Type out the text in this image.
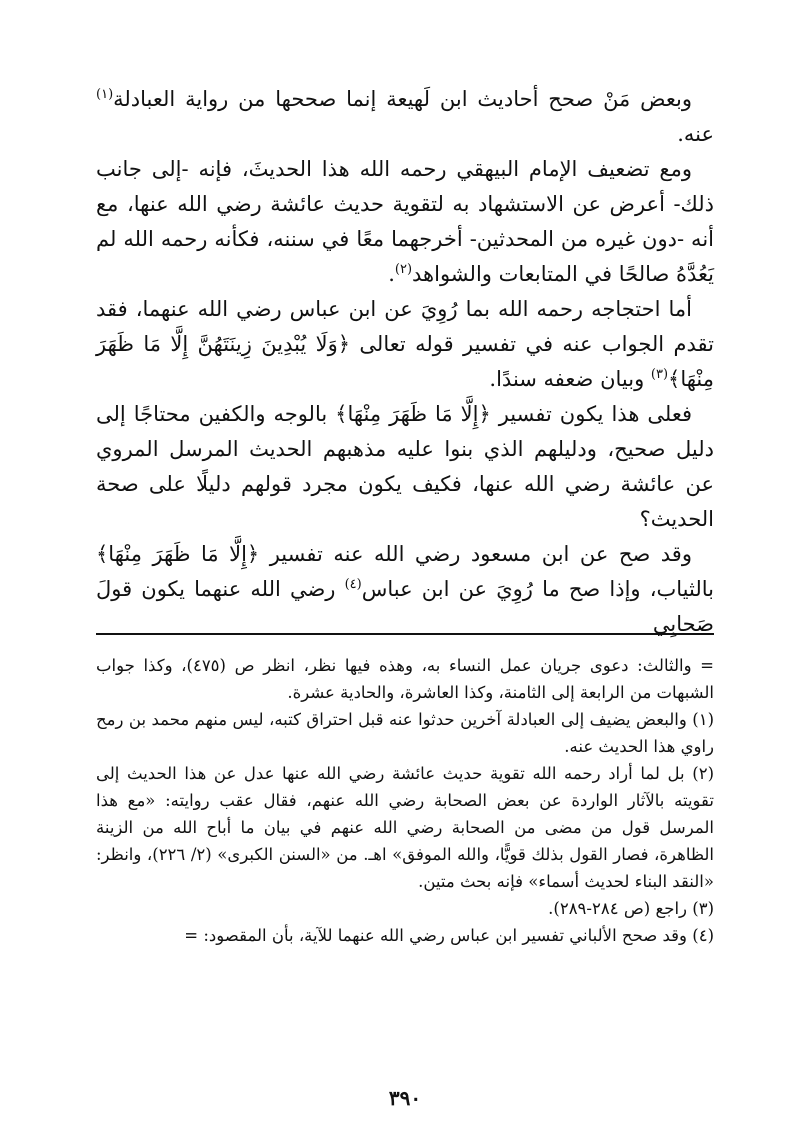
وبعض مَنْ صحح أحاديث ابن لَهيعة إنما صححها من رواية العبادلة$^{(١)}$ عنه.

ومع تضعيف الإمام البيهقي رحمه الله هذا الحديثَ، فإنه -إلى جانب ذلك- أعرض عن الاستشهاد به لتقوية حديث عائشة رضي الله عنها، مع أنه -دون غيره من المحدثين- أخرجهما معًا في سننه، فكأنه رحمه الله لم يَعُدَّهُ صالحًا في المتابعات والشواهد$^{(٢)}$.

أما احتجاجه رحمه الله بما رُوِيَ عن ابن عباس رضي الله عنهما، فقد تقدم الجواب عنه في تفسير قوله تعالى ﴿وَلَا يُبْدِينَ زِينَتَهُنَّ إِلَّا مَا ظَهَرَ مِنْهَا﴾$^{(٣)}$ وبيان ضعفه سندًا.

فعلى هذا يكون تفسير ﴿إِلَّا مَا ظَهَرَ مِنْهَا﴾ بالوجه والكفين محتاجًا إلى دليل صحيح، ودليلهم الذي بنوا عليه مذهبهم الحديث المرسل المروي عن عائشة رضي الله عنها، فكيف يكون مجرد قولهم دليلًا على صحة الحديث؟

وقد صح عن ابن مسعود رضي الله عنه تفسير ﴿إِلَّا مَا ظَهَرَ مِنْهَا﴾ بالثياب، وإذا صح ما رُوِيَ عن ابن عباس$^{(٤)}$ رضي الله عنهما يكون قولَ صَحابِي

= والثالث: دعوى جريان عمل النساء به، وهذه فيها نظر، انظر ص (٤٧٥)، وكذا جواب الشبهات من الرابعة إلى الثامنة، وكذا العاشرة، والحادية عشرة.

(١) والبعض يضيف إلى العبادلة آخرين حدثوا عنه قبل احتراق كتبه، ليس منهم محمد بن رمح راوي هذا الحديث عنه.

(٢) بل لما أراد رحمه الله تقوية حديث عائشة رضي الله عنها عدل عن هذا الحديث إلى تقويته بالآثار الواردة عن بعض الصحابة رضي الله عنهم، فقال عقب روايته: «مع هذا المرسل قول من مضى من الصحابة رضي الله عنهم في بيان ما أباح الله من الزينة الظاهرة، فصار القول بذلك قويًّا، والله الموفق» اهـ. من «السنن الكبرى» (٢/ ٢٢٦)، وانظر: «النقد البناء لحديث أسماء» فإنه بحث متين.

(٣) راجع (ص ٢٨٤-٢٨٩).

(٤) وقد صحح الألباني تفسير ابن عباس رضي الله عنهما للآية، بأن المقصود: =

٣٩٠
